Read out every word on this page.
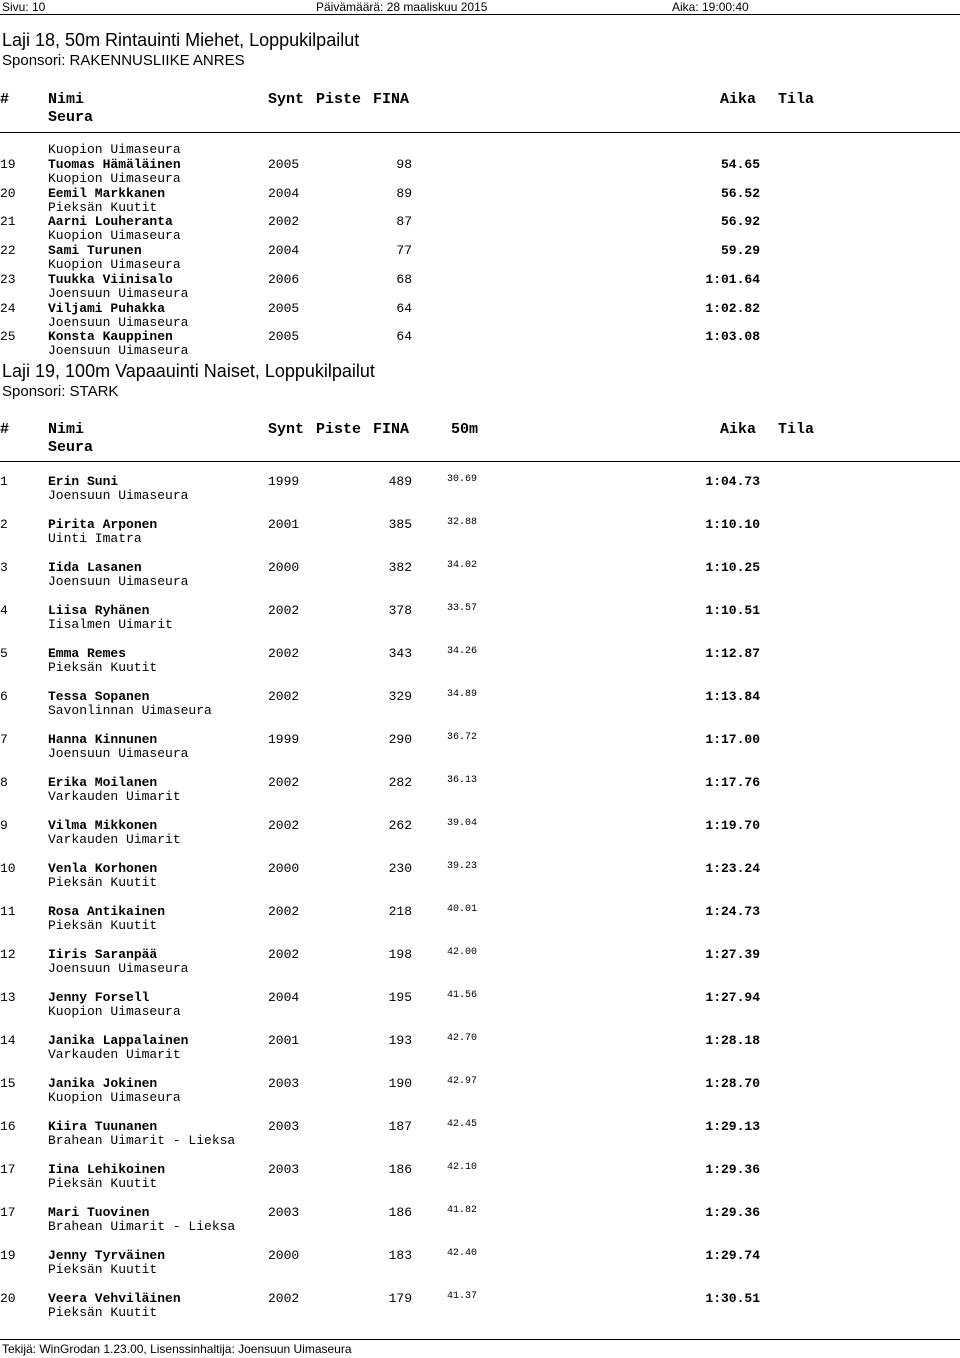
Sivu: 10	Päivämäärä: 28 maaliskuu 2015	Aika: 19:00:40
Laji 18, 50m Rintauinti Miehet, Loppukilpailut
Sponsori: RAKENNUSLIIKE ANRES
#	Nimi
Seura
Synt Piste FINA	Aika Tila
Kuopion Uimaseura
19 Tuomas Hämäläinen	2005	98	54.65
Kuopion Uimaseura
20 Eemil Markkanen	2004	89	56.52
Pieksän Kuutit
21 Aarni Louheranta	2002	87	56.92
Kuopion Uimaseura
22 Sami Turunen	2004	77	59.29
Kuopion Uimaseura
23 Tuukka Viinisalo	2006	68	1:01.64
Joensuun Uimaseura
24 Viljami Puhakka	2005	64	1:02.82
Joensuun Uimaseura
25 Konsta Kauppinen	2005	64	1:03.08
Joensuun Uimaseura
Laji 19, 100m Vapaauinti Naiset, Loppukilpailut
Sponsori: STARK
#	Nimi
Seura
Synt Piste FINA	50m	Aika Tila
1	Erin Suni	1999	489	30.69	1:04.73
Joensuun Uimaseura
2	Pirita Arponen	2001	385	32.88	1:10.10
Uinti Imatra
3	Iida Lasanen	2000	382	34.02	1:10.25
Joensuun Uimaseura
4	Liisa Ryhänen	2002	378	33.57	1:10.51
Iisalmen Uimarit
5	Emma Remes	2002	343	34.26	1:12.87
Pieksän Kuutit
6	Tessa Sopanen	2002	329	34.89	1:13.84
Savonlinnan Uimaseura
7	Hanna Kinnunen	1999	290	36.72	1:17.00
Joensuun Uimaseura
8	Erika Moilanen	2002	282	36.13	1:17.76
Varkauden Uimarit
9	Vilma Mikkonen	2002	262	39.04	1:19.70
Varkauden Uimarit
10 Venla Korhonen	2000	230	39.23	1:23.24
Pieksän Kuutit
11 Rosa Antikainen	2002	218	40.01	1:24.73
Pieksän Kuutit
12 Iiris Saranpää	2002	198	42.00	1:27.39
Joensuun Uimaseura
13 Jenny Forsell	2004	195	41.56	1:27.94
Kuopion Uimaseura
14 Janika Lappalainen	2001	193	42.70	1:28.18
Varkauden Uimarit
15 Janika Jokinen	2003	190	42.97	1:28.70
Kuopion Uimaseura
16 Kiira Tuunanen	2003	187	42.45	1:29.13
Brahean Uimarit - Lieksa
17 Iina Lehikoinen	2003	186	42.10	1:29.36
Pieksän Kuutit
17 Mari Tuovinen	2003	186	41.82	1:29.36
Brahean Uimarit - Lieksa
19 Jenny Tyrväinen	2000	183	42.40	1:29.74
Pieksän Kuutit
20 Veera Vehviläinen	2002	179	41.37	1:30.51
Pieksän Kuutit
Tekijä: WinGrodan 1.23.00, Lisenssinhaltija: Joensuun Uimaseura
